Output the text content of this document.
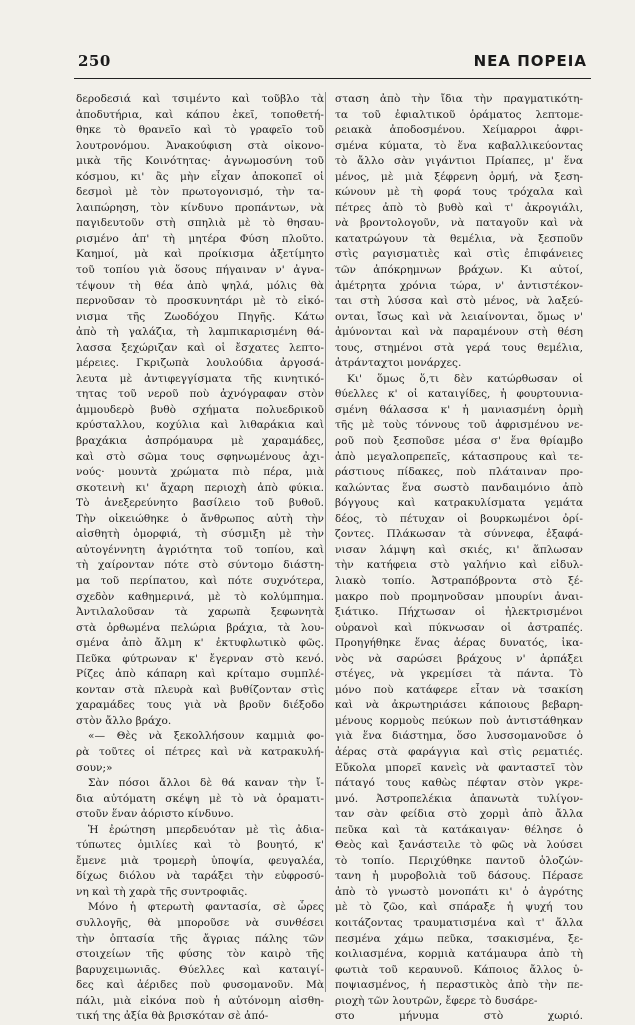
250	ΝΕΑ ΠΟΡΕΙΑ
δεροδεσιά καὶ τσιμέντο καὶ τοῦβλο τὰ
ἀποδυτήρια, καὶ κάπου ἐκεῖ, τοποθετή-
θηκε τὸ θρανεῖο καὶ τὸ γραφεῖο τοῦ
λουτρονόμου. Ἀνακούφιση στὰ οἰκονο-
μικὰ τῆς Κοινότητας· ἀγνωμοσύνη τοῦ
κόσμου, κι' ἂς μὴν εἶχαν ἀποκοπεῖ οἱ
δεσμοὶ μὲ τὸν πρωτογονισμό, τὴν τα-
λαιπώρηση, τὸν κίνδυνο προπάντων, νὰ
παγιδευτοῦν στὴ σπηλιὰ μὲ τὸ θησαυ-
ρισμένο ἀπ' τὴ μητέρα Φύση πλοῦτο.
Καημοί, μὰ καὶ προίκισμα ἀξετίμητο
τοῦ τοπίου γιὰ ὅσους πήγαιναν ν' ἀγνα-
τέψουν τὴ θέα ἀπὸ ψηλά, μόλις θὰ
περνοῦσαν τὸ προσκυνητάρι μὲ τὸ εἰκό-
νισμα τῆς Ζωοδόχου Πηγῆς. Κάτω
ἀπὸ τὴ γαλάζια, τὴ λαμπικαρισμένη θά-
λασσα ξεχώριζαν καὶ οἱ ἔσχατες λεπτο-
μέρειες. Γκριζωπὰ λουλούδια ἀργοσά-
λευτα μὲ ἀντιφεγγίσματα τῆς κινητικό-
τητας τοῦ νεροῦ ποὺ ἀχνόγραφαν στὸν
ἀμμουδερὸ βυθὸ σχήματα πολυεδρικοῦ
κρύσταλλου, κοχύλια καὶ λιθαράκια καὶ
βραχάκια ἀσπρόμαυρα μὲ χαραμάδες,
καὶ στὸ σῶμα τους σφηνωμένους ἀχι-
νούς· μουντὰ χρώματα πιὸ πέρα, μιὰ
σκοτεινὴ κι' ἄχαρη περιοχὴ ἀπὸ φύκια.
Τὸ ἀνεξερεύνητο βασίλειο τοῦ βυθοῦ.
Τὴν οἰκειώθηκε ὁ ἄνθρωπος αὐτὴ τὴν
αἰσθητὴ ὀμορφιά, τὴ σύσμιξη μὲ τὴν
αὐτογέννητη ἀγριότητα τοῦ τοπίου, καὶ
τὴ χαίρονταν πότε στὸ σύντομο διάστη-
μα τοῦ περίπατου, καὶ πότε συχνότερα,
σχεδὸν καθημερινά, μὲ τὸ κολύμπημα.
Ἀντιλαλοῦσαν τὰ χαρωπὰ ξεφωνητὰ
στὰ ὀρθωμένα πελώρια βράχια, τὰ λου-
σμένα ἀπὸ ἄλμη κ' ἐκτυφλωτικὸ φῶς.
Πεῦκα φύτρωναν κ' ἔγερναν στὸ κενό.
Ρίζες ἀπὸ κάπαρη καὶ κρίταμο συμπλέ-
κονταν στὰ πλευρὰ καὶ βυθίζονταν στὶς
χαραμάδες τους γιὰ νὰ βροῦν διέξοδο
στὸν ἄλλο βράχο.
«— Θὲς νὰ ξεκολλήσουν καμμιὰ φο-
ρὰ τοῦτες οἱ πέτρες καὶ νὰ κατρακυλή-
σουν;»
Σὰν πόσοι ἄλλοι δὲ θά καναν τὴν ἴ-
δια αὐτόματη σκέψη μὲ τὸ νὰ ὁραματι-
στοῦν ἕναν ἀόριστο κίνδυνο.
Ἡ ἐρώτηση μπερδευόταν μὲ τὶς ἀδια-
τύπωτες ὁμιλίες καὶ τὸ βουητό, κ'
ἔμενε μιὰ τρομερὴ ὑποψία, φευγαλέα,
δίχως διόλου νὰ ταράξει τὴν εὐφροσύ-
νη καὶ τὴ χαρὰ τῆς συντροφιᾶς.
Μόνο ἡ φτερωτὴ φαντασία, σὲ ὧρες
συλλογῆς, θὰ μποροῦσε νὰ συνθέσει
τὴν ὀπτασία τῆς ἄγριας πάλης τῶν
στοιχείων τῆς φύσης τὸν καιρὸ τῆς
βαρυχειμωνιᾶς. Θύελλες καὶ καταιγί-
δες καὶ ἀέριδες ποὺ φυσομανοῦν. Μὰ
πάλι, μιὰ εἰκόνα ποὺ ἡ αὐτόνομη αἰσθη-
τική της ἀξία θὰ βρισκόταν σὲ ἀπό-
σταση ἀπὸ τὴν ἴδια τὴν πραγματικότη-
τα τοῦ ἐφιαλτικοῦ ὁράματος λεπτομε-
ρειακὰ ἀποδοσμένου. Χείμαρροι ἀφρι-
σμένα κύματα, τὸ ἕνα καβαλλικεύοντας
τὸ ἄλλο σὰν γιγάντιοι Πρίαπες, μ' ἕνα
μένος, μὲ μιὰ ξέφρενη ὁρμή, νὰ ξεση-
κώνουν μὲ τὴ φορά τους τρόχαλα καὶ
πέτρες ἀπὸ τὸ βυθὸ καὶ τ' ἀκρογιάλι,
νὰ βροντολογοῦν, νὰ παταγοῦν καὶ νὰ
κατατρώγουν τὰ θεμέλια, νὰ ξεσποῦν
στὶς ραγισματιὲς καὶ στὶς ἐπιφάνειες
τῶν ἀπόκρημνων βράχων. Κι αὐτοί,
ἀμέτρητα χρόνια τώρα, ν' ἀντιστέκον-
ται στὴ λύσσα καὶ στὸ μένος, νὰ λαξεύ-
ονται, ἴσως καὶ νὰ λειαίνονται, ὅμως ν'
ἀμύνονται καὶ νὰ παραμένουν στὴ θέση
τους, στημένοι στὰ γερά τους θεμέλια,
ἀτράνταχτοι μονάρχες.
Κι' ὅμως ὅ,τι δὲν κατώρθωσαν οἱ
θύελλες κ' οἱ καταιγίδες, ἡ φουρτουνια-
σμένη θάλασσα κ' ἡ μανιασμένη ὁρμὴ
τῆς μὲ τοὺς τόννους τοῦ ἀφρισμένου νε-
ροῦ ποὺ ξεσποῦσε μέσα σ' ἕνα θρίαμβο
ἀπὸ μεγαλοπρεπεῖς, κάτασπρους καὶ τε-
ράστιους πίδακες, ποὺ πλάταιναν προ-
καλώντας ἕνα σωστὸ πανδαιμόνιο ἀπὸ
βόγγους καὶ κατρακυλίσματα γεμάτα
δέος, τὸ πέτυχαν οἱ βουρκωμένοι ὀρί-
ζοντες. Πλάκωσαν τὰ σύννεφα, ἐξαφά-
νισαν λάμψη καὶ σκιές, κι' ἅπλωσαν
τὴν κατήφεια στὸ γαλήνιο καὶ εἰδυλ-
λιακὸ τοπίο. Ἀστραπόβροντα στὸ ξέ-
μακρο ποὺ προμηνοῦσαν μπουρίνι ἀναι-
ξιάτικο. Πήχτωσαν οἱ ἠλεκτρισμένοι
οὐρανοὶ καὶ πύκνωσαν οἱ ἀστραπές.
Προηγήθηκε ἕνας ἀέρας δυνατός, ἱκα-
νὸς νὰ σαρώσει βράχους ν' ἀρπάξει
στέγες, νὰ γκρεμίσει τὰ πάντα. Τὸ
μόνο ποὺ κατάφερε εἶταν νὰ τσακίση
καὶ νὰ ἀκρωτηριάσει κάποιους βεβαρη-
μένους κορμοὺς πεύκων ποὺ ἀντιστάθηκαν
γιὰ ἕνα διάστημα, ὅσο λυσσομανοῦσε ὁ
ἀέρας στὰ φαράγγια καὶ στὶς ρεματιές.
Εὔκολα μπορεῖ κανεὶς νὰ φανταστεῖ τὸν
πάταγό τους καθὼς πέφταν στὸν γκρε-
μνό. Ἀστροπελέκια ἀπανωτὰ τυλίγον-
ταν σὰν φείδια στὸ χορμὶ ἀπὸ ἄλλα
πεῦκα καὶ τὰ κατάκαιγαν· θέλησε ὁ
Θεὸς καὶ ξανάστειλε τὸ φῶς νὰ λούσει
τὸ τοπίο. Περιχύθηκε παντοῦ ὁλοζών-
τανη ἡ μυροβολιὰ τοῦ δάσους. Πέρασε
ἀπὸ τὸ γνωστὸ μονοπάτι κι' ὁ ἀγρότης
μὲ τὸ ζῶο, καὶ σπάραξε ἡ ψυχή του
κοιτάζοντας τραυματισμένα καὶ τ' ἄλλα
πεσμένα χάμω πεῦκα, τσακισμένα, ξε-
κοιλιασμένα, κορμιὰ κατάμαυρα ἀπὸ τὴ
φωτιὰ τοῦ κεραυνοῦ. Κάποιος ἄλλος ὑ-
ποψιασμένος, ἡ περαστικὸς ἀπὸ τὴν πε-
ριοχὴ τῶν λουτρῶν, ἔφερε τὸ δυσάρε-
στο μήνυμα στὸ χωριό.
